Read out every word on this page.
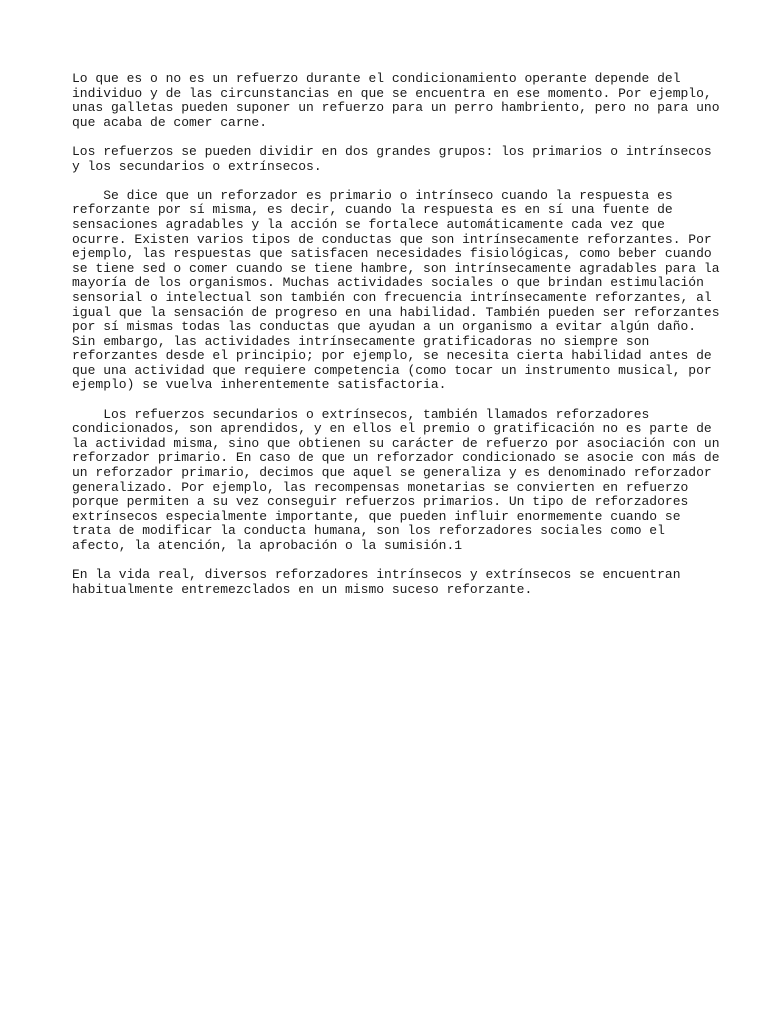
Lo que es o no es un refuerzo durante el condicionamiento operante depende del
individuo y de las circunstancias en que se encuentra en ese momento. Por ejemplo,
unas galletas pueden suponer un refuerzo para un perro hambriento, pero no para uno
que acaba de comer carne.

Los refuerzos se pueden dividir en dos grandes grupos: los primarios o intrínsecos
y los secundarios o extrínsecos.

Se dice que un reforzador es primario o intrínseco cuando la respuesta es
reforzante por sí misma, es decir, cuando la respuesta es en sí una fuente de
sensaciones agradables y la acción se fortalece automáticamente cada vez que
ocurre. Existen varios tipos de conductas que son intrínsecamente reforzantes. Por
ejemplo, las respuestas que satisfacen necesidades fisiológicas, como beber cuando
se tiene sed o comer cuando se tiene hambre, son intrínsecamente agradables para la
mayoría de los organismos. Muchas actividades sociales o que brindan estimulación
sensorial o intelectual son también con frecuencia intrínsecamente reforzantes, al
igual que la sensación de progreso en una habilidad. También pueden ser reforzantes
por sí mismas todas las conductas que ayudan a un organismo a evitar algún daño.
Sin embargo, las actividades intrínsecamente gratificadoras no siempre son
reforzantes desde el principio; por ejemplo, se necesita cierta habilidad antes de
que una actividad que requiere competencia (como tocar un instrumento musical, por
ejemplo) se vuelva inherentemente satisfactoria.

Los refuerzos secundarios o extrínsecos, también llamados reforzadores
condicionados, son aprendidos, y en ellos el premio o gratificación no es parte de
la actividad misma, sino que obtienen su carácter de refuerzo por asociación con un
reforzador primario. En caso de que un reforzador condicionado se asocie con más de
un reforzador primario, decimos que aquel se generaliza y es denominado reforzador
generalizado. Por ejemplo, las recompensas monetarias se convierten en refuerzo
porque permiten a su vez conseguir refuerzos primarios. Un tipo de reforzadores
extrínsecos especialmente importante, que pueden influir enormemente cuando se
trata de modificar la conducta humana, son los reforzadores sociales como el
afecto, la atención, la aprobación o la sumisión.1

En la vida real, diversos reforzadores intrínsecos y extrínsecos se encuentran
habitualmente entremezclados en un mismo suceso reforzante.
